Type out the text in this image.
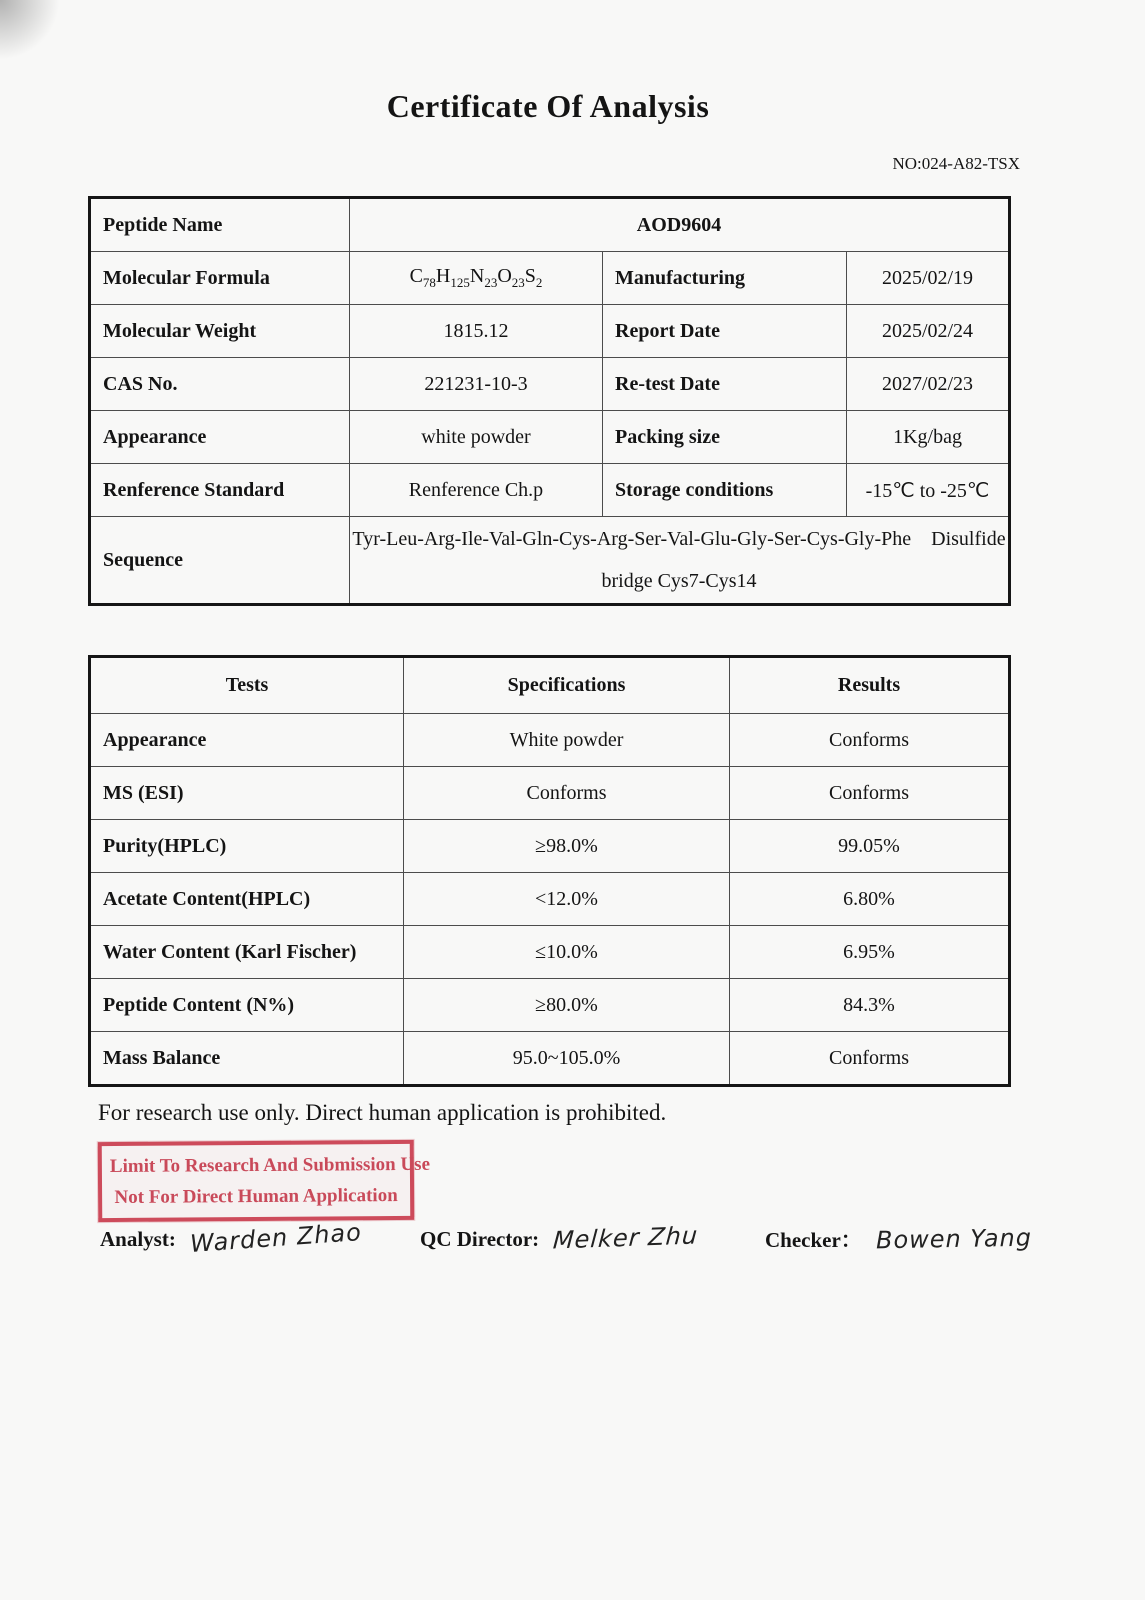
Certificate Of Analysis
NO:024-A82-TSX
Peptide Name	AOD9604		
Molecular Formula	$C_{78}H_{125}N_{23}O_{23}S_2$	Manufacturing	2025/02/19
Molecular Weight	1815.12	Report Date	2025/02/24
CAS No.	221231-10-3	Re-test Date	2027/02/23
Appearance	white powder	Packing size	1Kg/bag
Renference Standard	Renference Ch.p	Storage conditions	-15℃ to -25℃
Sequence	Tyr-Leu-Arg-Ile-Val-Gln-Cys-Arg-Ser-Val-Glu-Gly-Ser-Cys-Gly-Phe    Disulfide
bridge Cys7-Cys14		
Tests	Specifications	Results
Appearance	White powder	Conforms
MS (ESI)	Conforms	Conforms
Purity(HPLC)	≥98.0%	99.05%
Acetate Content(HPLC)	<12.0%	6.80%
Water Content (Karl Fischer)	≤10.0%	6.95%
Peptide Content (N%)	≥80.0%	84.3%
Mass Balance	95.0~105.0%	Conforms

For research use only. Direct human application is prohibited.

Limit To Research And Submission Use
Not For Direct Human Application
Analyst: Warden Zhao	QC Director: Melker Zhu	Checker： Bowen Yang
